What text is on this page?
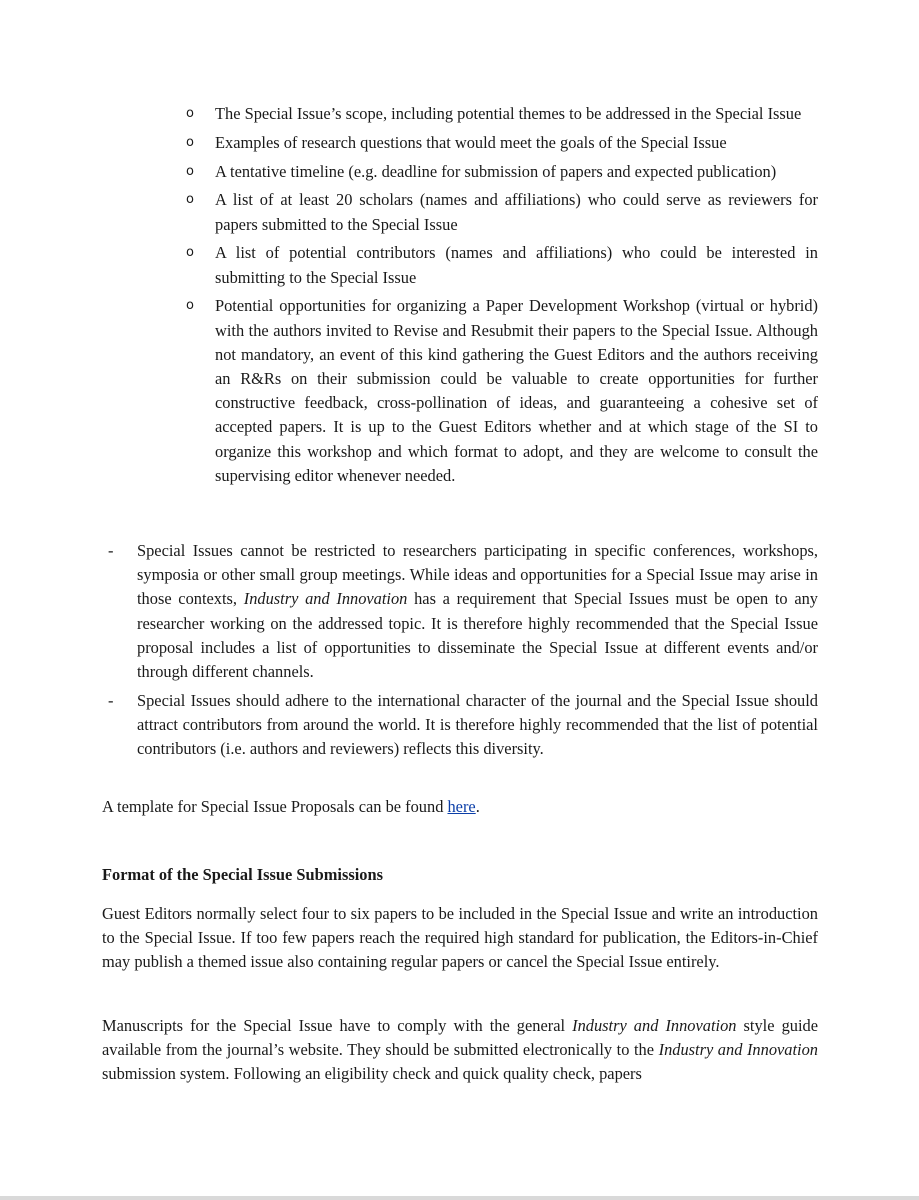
o The Special Issue’s scope, including potential themes to be addressed in the Special Issue
o Examples of research questions that would meet the goals of the Special Issue
o A tentative timeline (e.g. deadline for submission of papers and expected publication)
o A list of at least 20 scholars (names and affiliations) who could serve as reviewers for papers submitted to the Special Issue
o A list of potential contributors (names and affiliations) who could be interested in submitting to the Special Issue
o Potential opportunities for organizing a Paper Development Workshop (virtual or hybrid) with the authors invited to Revise and Resubmit their papers to the Special Issue. Although not mandatory, an event of this kind gathering the Guest Editors and the authors receiving an R&Rs on their submission could be valuable to create opportunities for further constructive feedback, cross-pollination of ideas, and guaranteeing a cohesive set of accepted papers. It is up to the Guest Editors whether and at which stage of the SI to organize this workshop and which format to adopt, and they are welcome to consult the supervising editor whenever needed.
- Special Issues cannot be restricted to researchers participating in specific conferences, workshops, symposia or other small group meetings. While ideas and opportunities for a Special Issue may arise in those contexts, Industry and Innovation has a requirement that Special Issues must be open to any researcher working on the addressed topic. It is therefore highly recommended that the Special Issue proposal includes a list of opportunities to disseminate the Special Issue at different events and/or through different channels.
- Special Issues should adhere to the international character of the journal and the Special Issue should attract contributors from around the world. It is therefore highly recommended that the list of potential contributors (i.e. authors and reviewers) reflects this diversity.
A template for Special Issue Proposals can be found here.
Format of the Special Issue Submissions

Guest Editors normally select four to six papers to be included in the Special Issue and write an introduction to the Special Issue. If too few papers reach the required high standard for publication, the Editors-in-Chief may publish a themed issue also containing regular papers or cancel the Special Issue entirely.

Manuscripts for the Special Issue have to comply with the general Industry and Innovation style guide available from the journal’s website. They should be submitted electronically to the Industry and Innovation submission system. Following an eligibility check and quick quality check, papers
